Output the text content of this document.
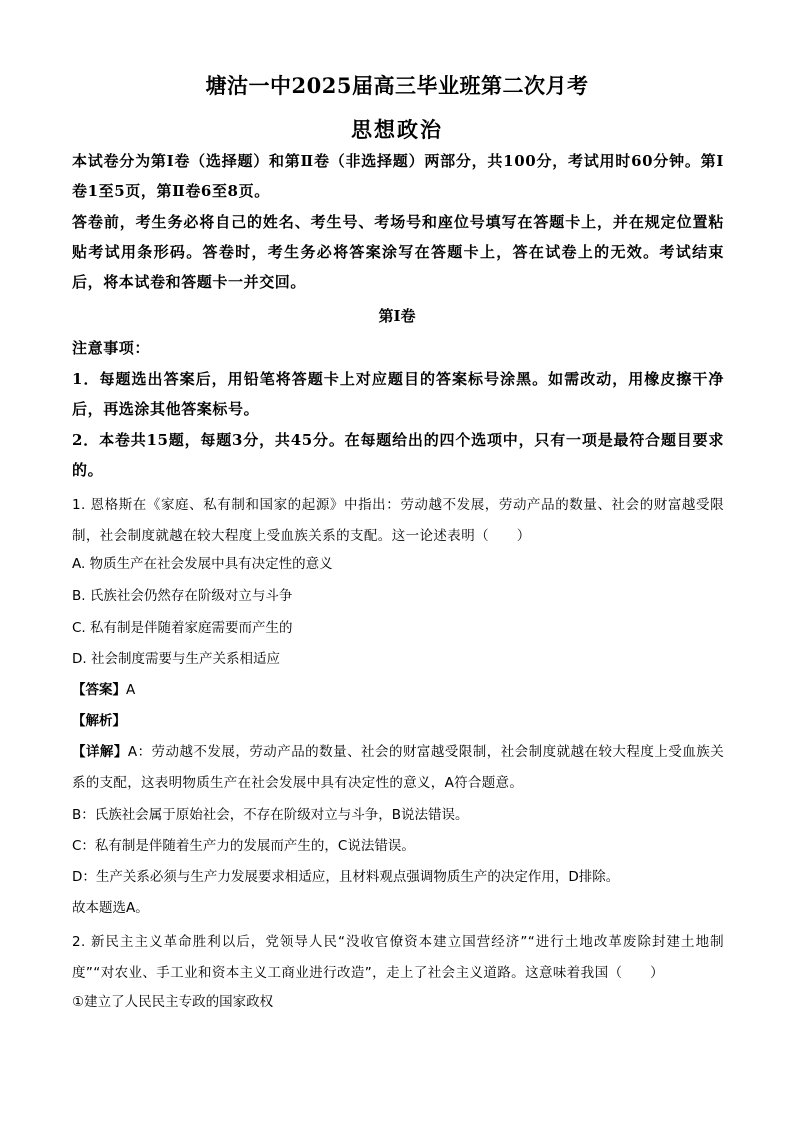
塘沽一中2025届高三毕业班第二次月考
思想政治
本试卷分为第Ⅰ卷（选择题）和第Ⅱ卷（非选择题）两部分，共100分，考试用时60分钟。第Ⅰ卷1至5页，第Ⅱ卷6至8页。
答卷前，考生务必将自己的姓名、考生号、考场号和座位号填写在答题卡上，并在规定位置粘贴考试用条形码。答卷时，考生务必将答案涂写在答题卡上，答在试卷上的无效。考试结束后，将本试卷和答题卡一并交回。
第Ⅰ卷
注意事项：
1．每题选出答案后，用铅笔将答题卡上对应题目的答案标号涂黑。如需改动，用橡皮擦干净后，再选涂其他答案标号。
2．本卷共15题，每题3分，共45分。在每题给出的四个选项中，只有一项是最符合题目要求的。
1. 恩格斯在《家庭、私有制和国家的起源》中指出：劳动越不发展，劳动产品的数量、社会的财富越受限制，社会制度就越在较大程度上受血族关系的支配。这一论述表明（　　）
A. 物质生产在社会发展中具有决定性的意义
B. 氏族社会仍然存在阶级对立与斗争
C. 私有制是伴随着家庭需要而产生的
D. 社会制度需要与生产关系相适应
【答案】A
【解析】
【详解】A：劳动越不发展，劳动产品的数量、社会的财富越受限制，社会制度就越在较大程度上受血族关系的支配，这表明物质生产在社会发展中具有决定性的意义，A符合题意。
B：氏族社会属于原始社会，不存在阶级对立与斗争，B说法错误。
C：私有制是伴随着生产力的发展而产生的，C说法错误。
D：生产关系必须与生产力发展要求相适应，且材料观点强调物质生产的决定作用，D排除。
故本题选A。
2. 新民主主义革命胜利以后，党领导人民“没收官僚资本建立国营经济”“进行土地改革废除封建土地制度”“对农业、手工业和资本主义工商业进行改造”，走上了社会主义道路。这意味着我国（　　）
①建立了人民民主专政的国家政权
